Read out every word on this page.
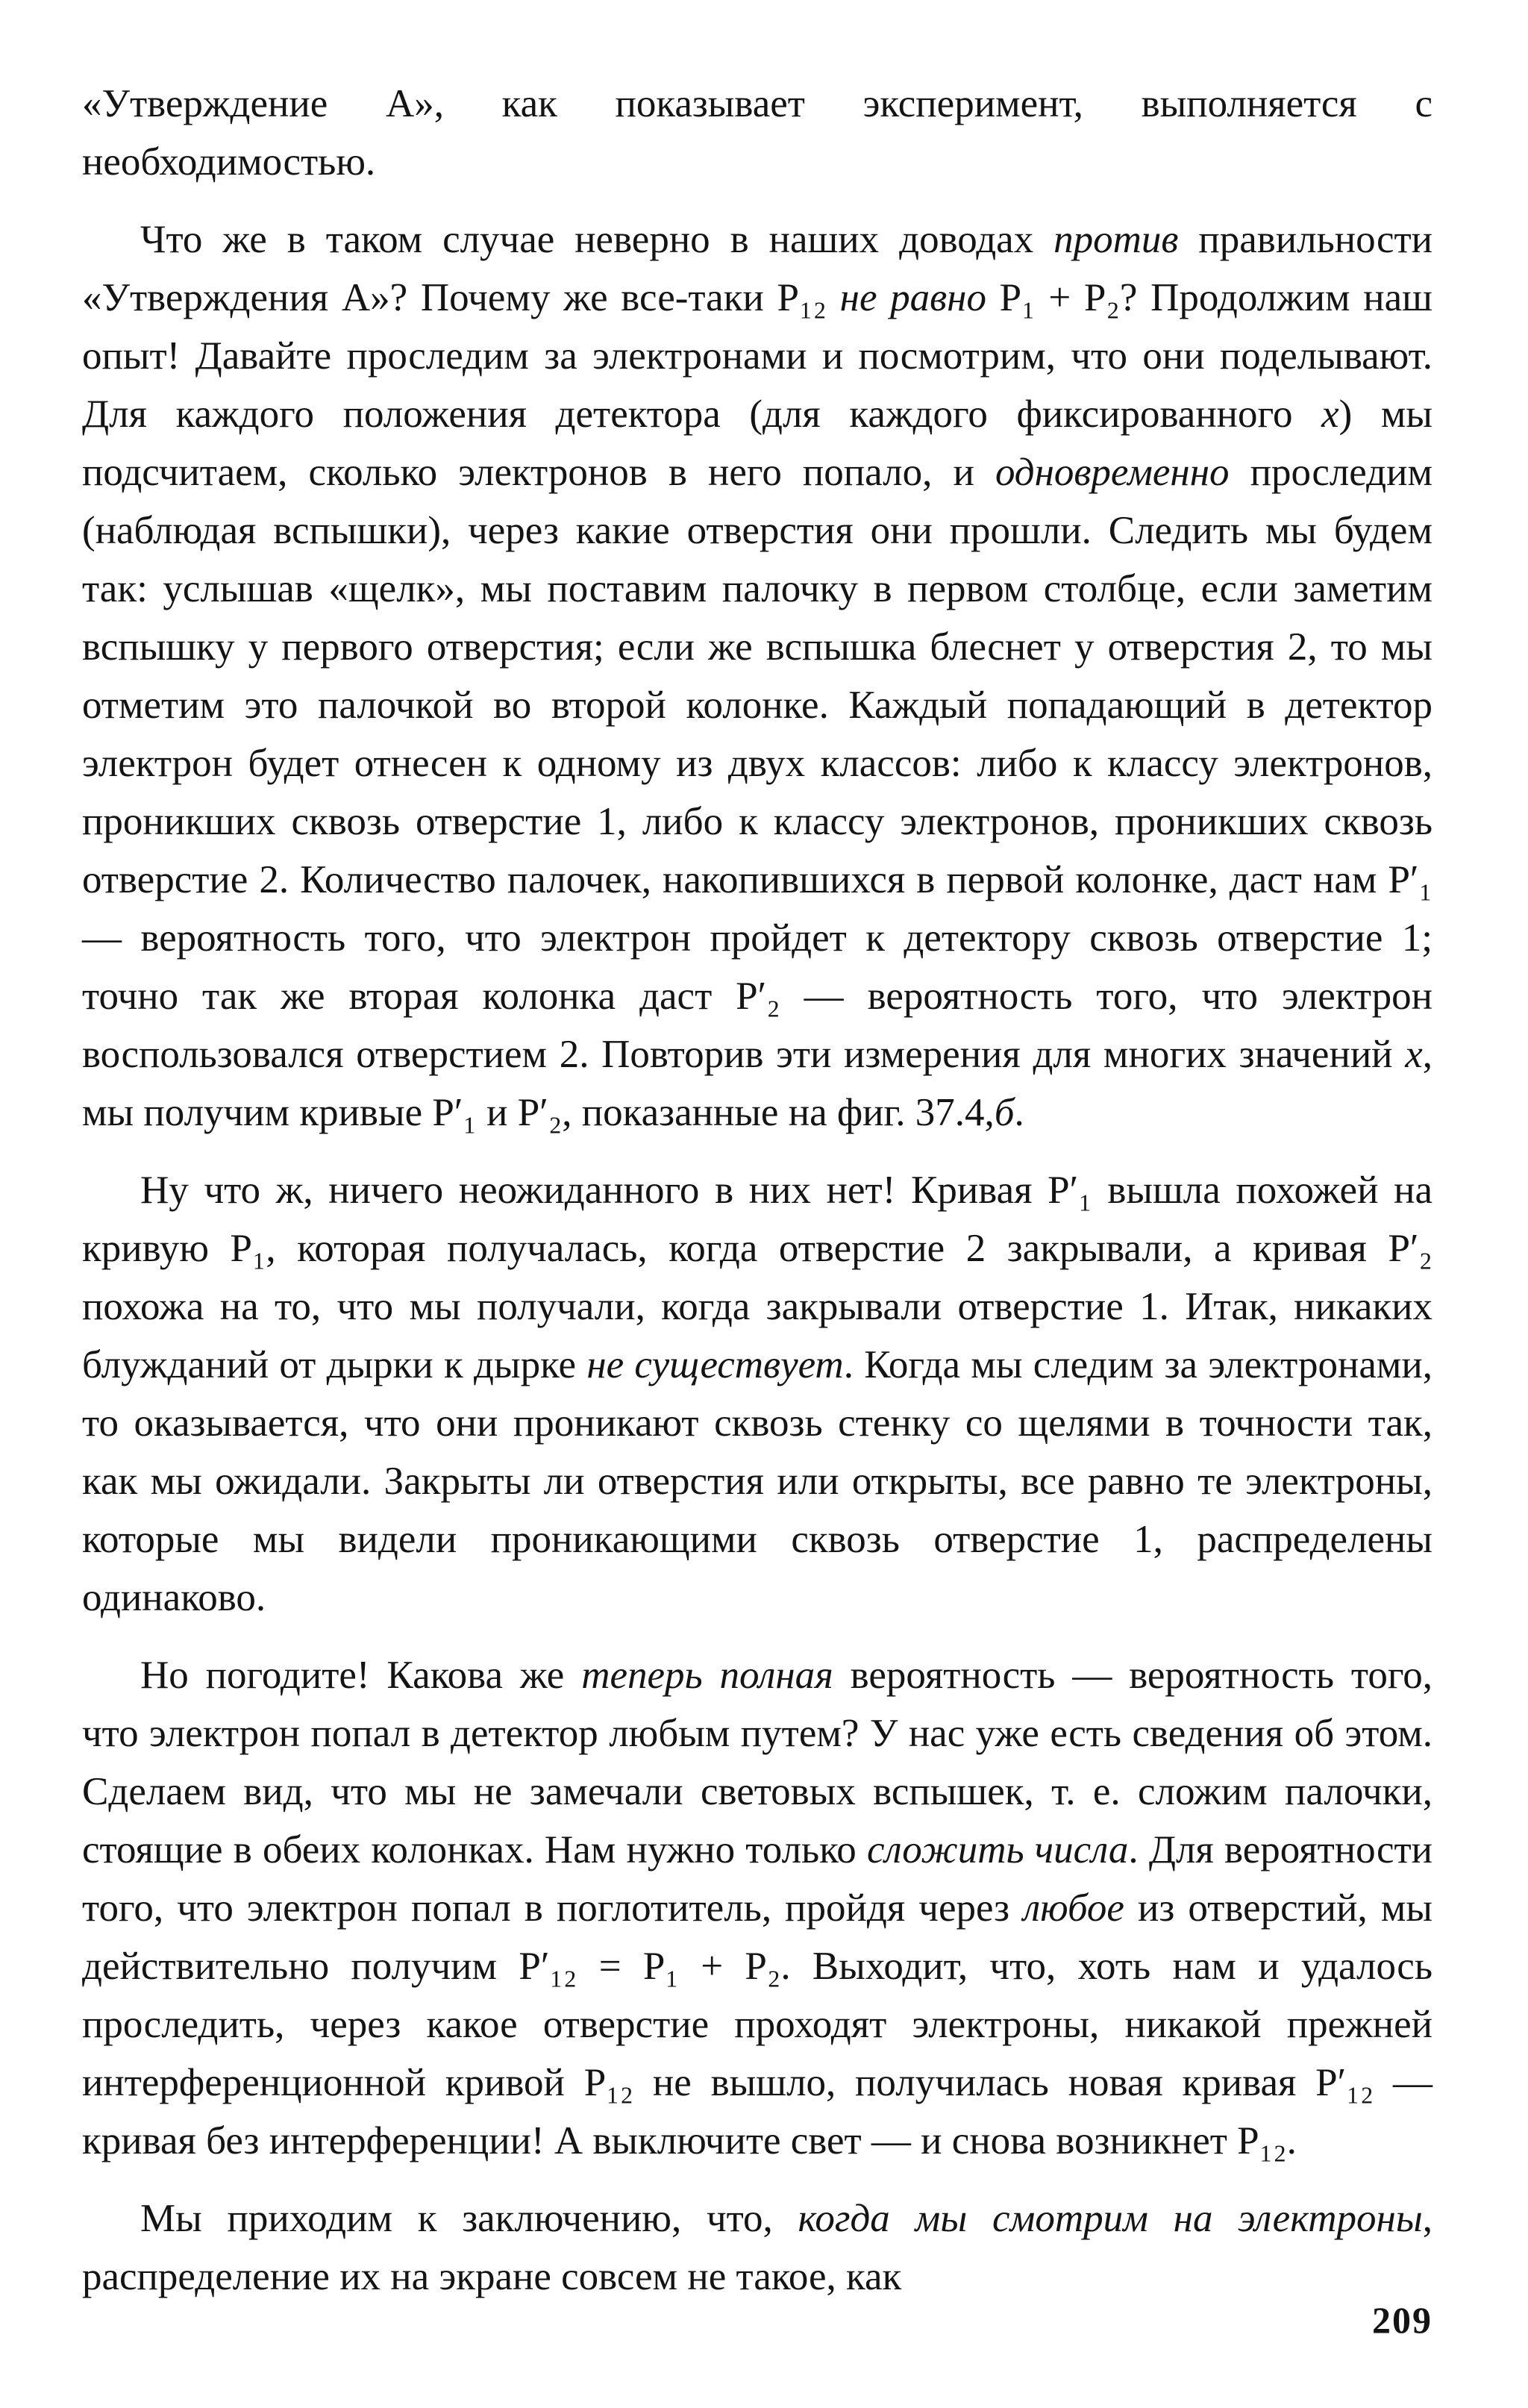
«Утверждение А», как показывает эксперимент, выполняется с необходимостью.

Что же в таком случае неверно в наших доводах против правильности «Утверждения А»? Почему же все-таки P₁₂ не равно P₁ + P₂? Продолжим наш опыт! Давайте проследим за электронами и посмотрим, что они поделывают. Для каждого положения детектора (для каждого фиксированного x) мы подсчитаем, сколько электронов в него попало, и одновременно проследим (наблюдая вспышки), через какие отверстия они прошли. Следить мы будем так: услышав «щелк», мы поставим палочку в первом столбце, если заметим вспышку у первого отверстия; если же вспышка блеснет у отверстия 2, то мы отметим это палочкой во второй колонке. Каждый попадающий в детектор электрон будет отнесен к одному из двух классов: либо к классу электронов, проникших сквозь отверстие 1, либо к классу электронов, проникших сквозь отверстие 2. Количество палочек, накопившихся в первой колонке, даст нам P′₁ — вероятность того, что электрон пройдет к детектору сквозь отверстие 1; точно так же вторая колонка даст P′₂ — вероятность того, что электрон воспользовался отверстием 2. Повторив эти измерения для многих значений x, мы получим кривые P′₁ и P′₂, показанные на фиг. 37.4,б.

Ну что ж, ничего неожиданного в них нет! Кривая P′₁ вышла похожей на кривую P₁, которая получалась, когда отверстие 2 закрывали, а кривая P′₂ похожа на то, что мы получали, когда закрывали отверстие 1. Итак, никаких блужданий от дырки к дырке не существует. Когда мы следим за электронами, то оказывается, что они проникают сквозь стенку со щелями в точности так, как мы ожидали. Закрыты ли отверстия или открыты, все равно те электроны, которые мы видели проникающими сквозь отверстие 1, распределены одинаково.

Но погодите! Какова же теперь полная вероятность — вероятность того, что электрон попал в детектор любым путем? У нас уже есть сведения об этом. Сделаем вид, что мы не замечали световых вспышек, т. е. сложим палочки, стоящие в обеих колонках. Нам нужно только сложить числа. Для вероятности того, что электрон попал в поглотитель, пройдя через любое из отверстий, мы действительно получим P′₁₂ = P₁ + P₂. Выходит, что, хоть нам и удалось проследить, через какое отверстие проходят электроны, никакой прежней интерференционной кривой P₁₂ не вышло, получилась новая кривая P′₁₂ — кривая без интерференции! А выключите свет — и снова возникнет P₁₂.

Мы приходим к заключению, что, когда мы смотрим на электроны, распределение их на экране совсем не такое, как

209
